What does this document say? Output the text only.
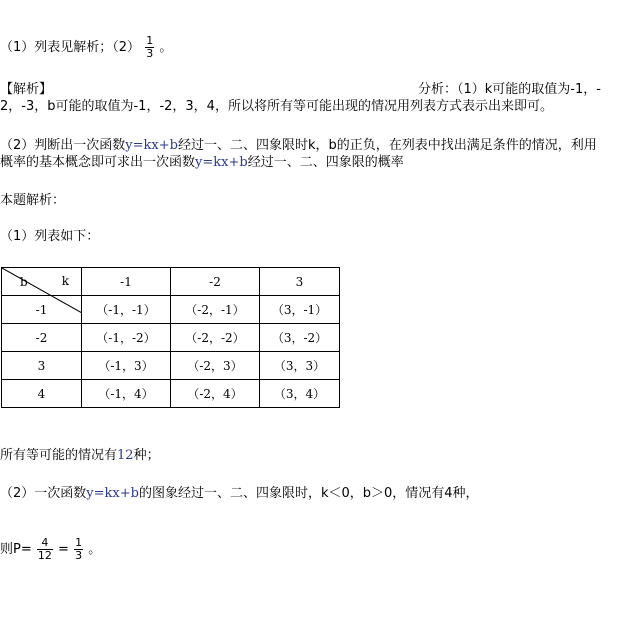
（1）列表见解析；$(2) \frac{1}{3}$ 。
【解析】	分析：（1）k可能的取值为-1，-
2，-3，b可能的取值为-1，-2，3，4，所以将所有等可能出现的情况用列表方式表示出来即可。
（2）判断出一次函数y=kx+b经过一、二、四象限时k，b的正负，在列表中找出满足条件的情况，利用
概率的基本概念即可求出一次函数y=kx+b经过一、二、四象限的概率
本题解析：
（1）列表如下：
k
b	-1	-2	3
-1	（-1，-1）	（-2，-1）	（3，-1）
-2	（-1，-2）	（-2，-2）	（3，-2）
3	（-1，3）	（-2，3）	（3，3）
4	（-1，4）	（-2，4）	（3，4）
所有等可能的情况有12种；
（2）一次函数y=kx+b的图象经过一、二、四象限时，k＜0，b＞0，情况有4种，
则$P= \frac{4}{12} = \frac{1}{3}$ 。
